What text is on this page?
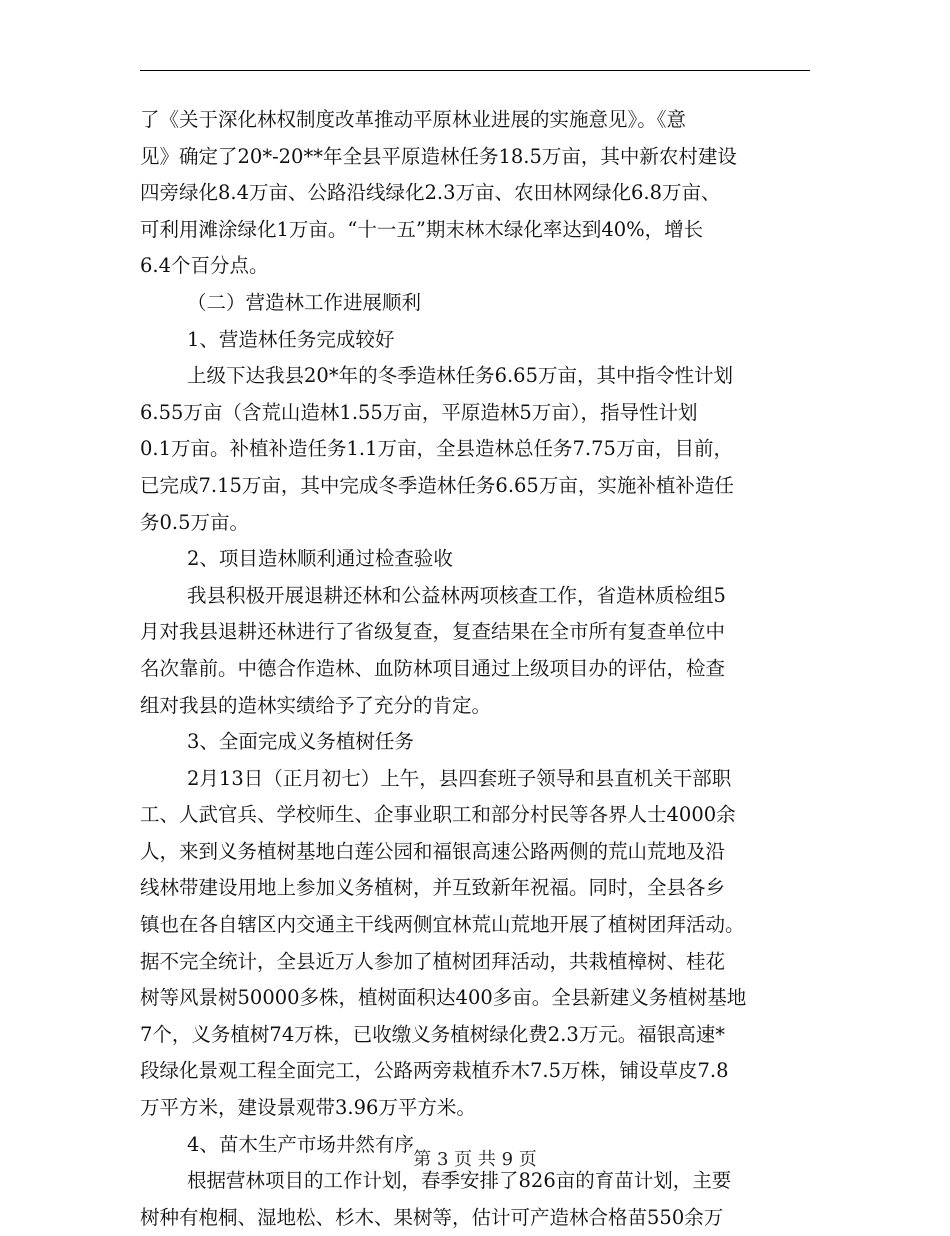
了《关于深化林权制度改革推动平原林业进展的实施意见》。《意
见》确定了20*-20**年全县平原造林任务18.5万亩，其中新农村建设
四旁绿化8.4万亩、公路沿线绿化2.3万亩、农田林网绿化6.8万亩、
可利用滩涂绿化1万亩。“十一五”期末林木绿化率达到40%，增长
6.4个百分点。
（二）营造林工作进展顺利
1、营造林任务完成较好
上级下达我县20*年的冬季造林任务6.65万亩，其中指令性计划
6.55万亩（含荒山造林1.55万亩，平原造林5万亩），指导性计划
0.1万亩。补植补造任务1.1万亩，全县造林总任务7.75万亩，目前，
已完成7.15万亩，其中完成冬季造林任务6.65万亩，实施补植补造任
务0.5万亩。
2、项目造林顺利通过检查验收
我县积极开展退耕还林和公益林两项核查工作，省造林质检组5
月对我县退耕还林进行了省级复查，复查结果在全市所有复查单位中
名次靠前。中德合作造林、血防林项目通过上级项目办的评估，检查
组对我县的造林实绩给予了充分的肯定。
3、全面完成义务植树任务
2月13日（正月初七）上午，县四套班子领导和县直机关干部职
工、人武官兵、学校师生、企事业职工和部分村民等各界人士4000余
人，来到义务植树基地白莲公园和福银高速公路两侧的荒山荒地及沿
线林带建设用地上参加义务植树，并互致新年祝福。同时，全县各乡
镇也在各自辖区内交通主干线两侧宜林荒山荒地开展了植树团拜活动。
据不完全统计，全县近万人参加了植树团拜活动，共栽植樟树、桂花
树等风景树50000多株，植树面积达400多亩。全县新建义务植树基地
7个，义务植树74万株，已收缴义务植树绿化费2.3万元。福银高速*
段绿化景观工程全面完工，公路两旁栽植乔木7.5万株，铺设草皮7.8
万平方米，建设景观带3.96万平方米。
4、苗木生产市场井然有序
根据营林项目的工作计划，春季安排了826亩的育苗计划，主要
树种有枹桐、湿地松、杉木、果树等，估计可产造林合格苗550余万
第 3 页 共 9 页
